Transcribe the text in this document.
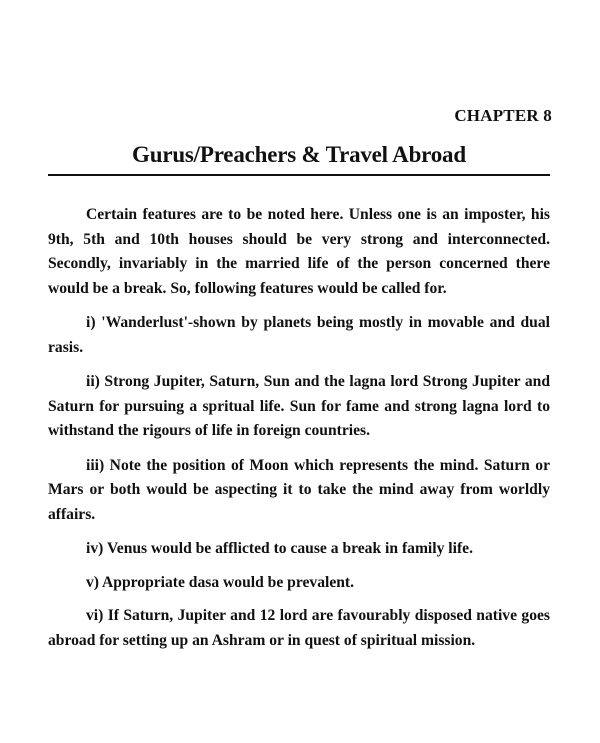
CHAPTER 8
Gurus/Preachers & Travel Abroad

Certain features are to be noted here. Unless one is an imposter, his 9th, 5th and 10th houses should be very strong and interconnected. Secondly, invariably in the married life of the person concerned there would be a break. So, following features would be called for.

i) 'Wanderlust'-shown by planets being mostly in movable and dual rasis.

ii) Strong Jupiter, Saturn, Sun and the lagna lord Strong Jupiter and Saturn for pursuing a spritual life. Sun for fame and strong lagna lord to withstand the rigours of life in foreign countries.

iii) Note the position of Moon which represents the mind. Saturn or Mars or both would be aspecting it to take the mind away from worldly affairs.

iv) Venus would be afflicted to cause a break in family life.

v) Appropriate dasa would be prevalent.

vi) If Saturn, Jupiter and 12 lord are favourably disposed native goes abroad for setting up an Ashram or in quest of spiritual mission.
